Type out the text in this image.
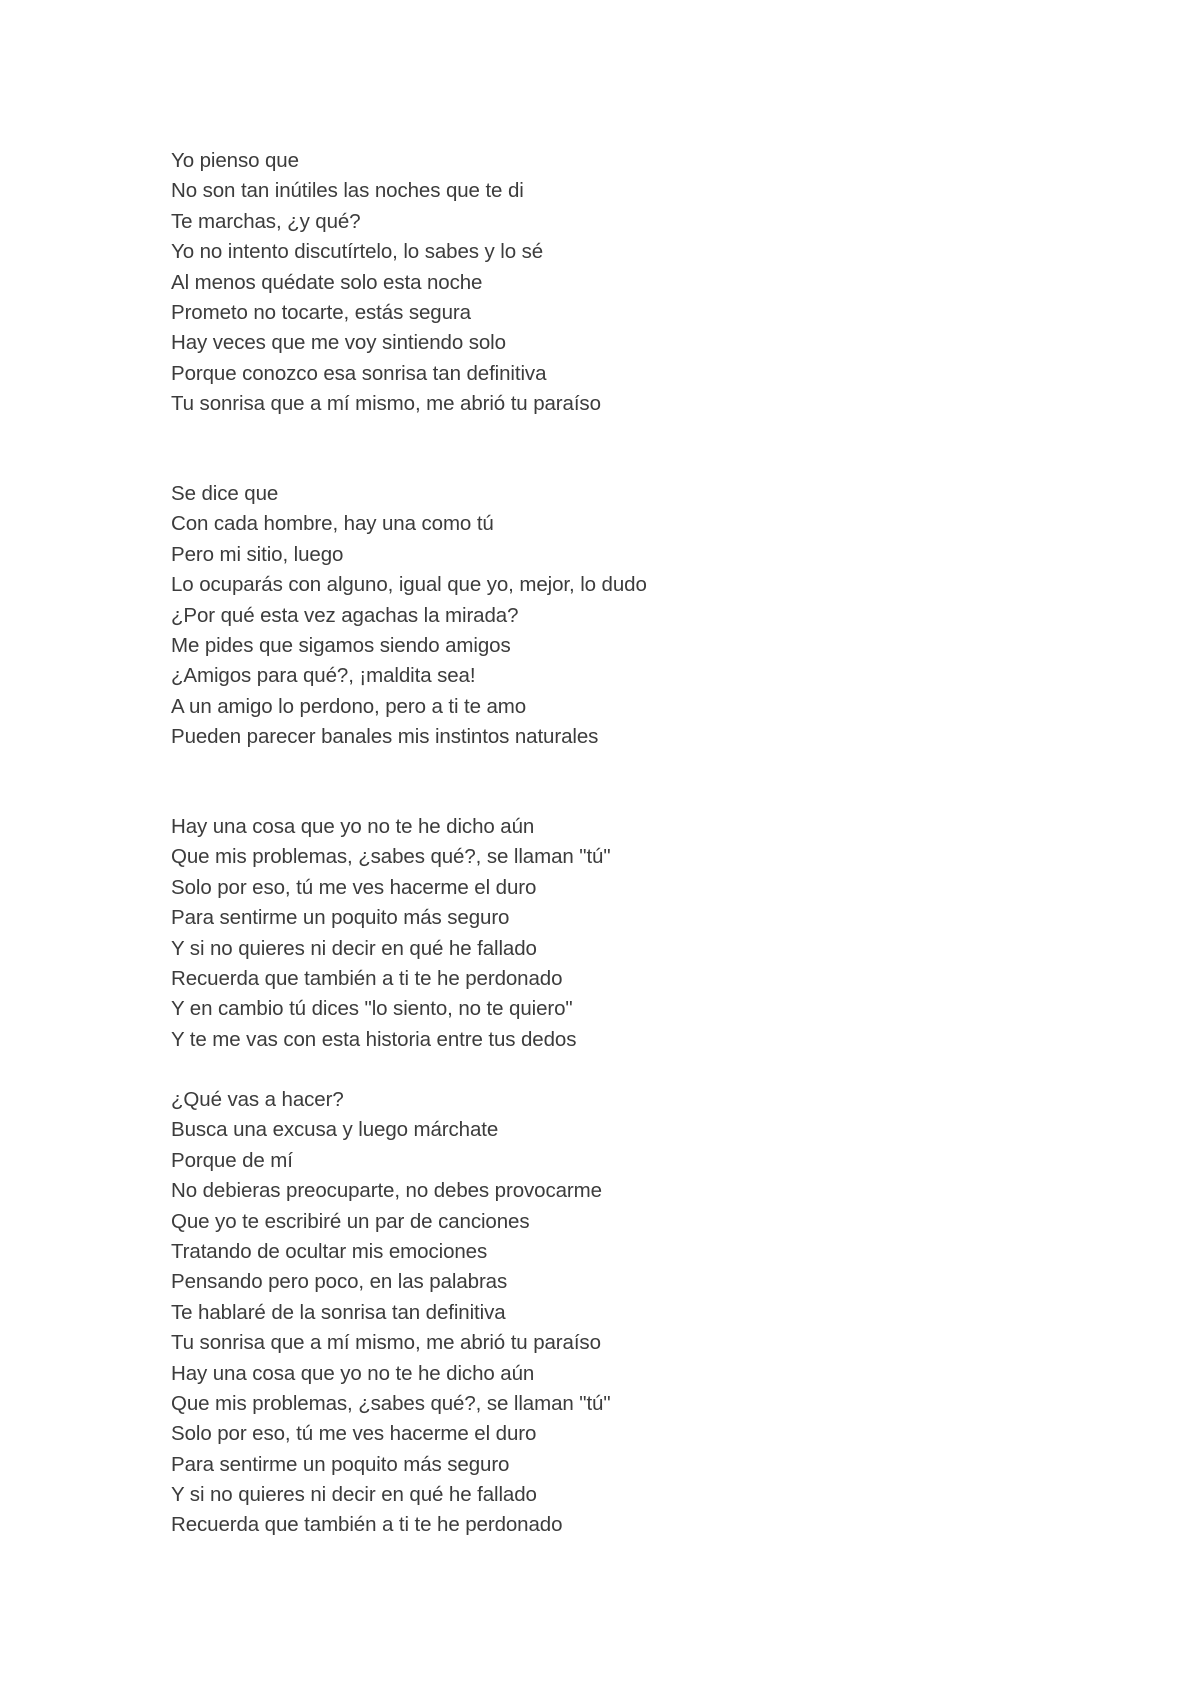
Yo pienso que
No son tan inútiles las noches que te di
Te marchas, ¿y qué?
Yo no intento discutírtelo, lo sabes y lo sé
Al menos quédate solo esta noche
Prometo no tocarte, estás segura
Hay veces que me voy sintiendo solo
Porque conozco esa sonrisa tan definitiva
Tu sonrisa que a mí mismo, me abrió tu paraíso
Se dice que
Con cada hombre, hay una como tú
Pero mi sitio, luego
Lo ocuparás con alguno, igual que yo, mejor, lo dudo
¿Por qué esta vez agachas la mirada?
Me pides que sigamos siendo amigos
¿Amigos para qué?, ¡maldita sea!
A un amigo lo perdono, pero a ti te amo
Pueden parecer banales mis instintos naturales
Hay una cosa que yo no te he dicho aún
Que mis problemas, ¿sabes qué?, se llaman "tú"
Solo por eso, tú me ves hacerme el duro
Para sentirme un poquito más seguro
Y si no quieres ni decir en qué he fallado
Recuerda que también a ti te he perdonado
Y en cambio tú dices "lo siento, no te quiero"
Y te me vas con esta historia entre tus dedos
¿Qué vas a hacer?
Busca una excusa y luego márchate
Porque de mí
No debieras preocuparte, no debes provocarme
Que yo te escribiré un par de canciones
Tratando de ocultar mis emociones
Pensando pero poco, en las palabras
Te hablaré de la sonrisa tan definitiva
Tu sonrisa que a mí mismo, me abrió tu paraíso
Hay una cosa que yo no te he dicho aún
Que mis problemas, ¿sabes qué?, se llaman "tú"
Solo por eso, tú me ves hacerme el duro
Para sentirme un poquito más seguro
Y si no quieres ni decir en qué he fallado
Recuerda que también a ti te he perdonado
